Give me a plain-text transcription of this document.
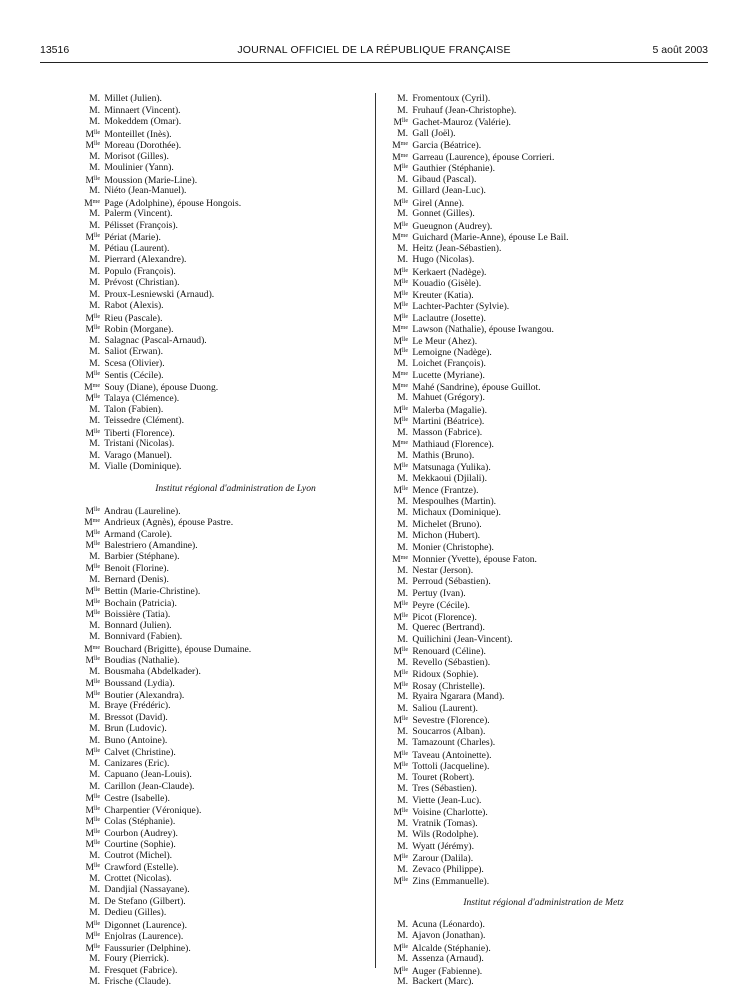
13516	JOURNAL OFFICIEL DE LA RÉPUBLIQUE FRANÇAISE	5 août 2003
M. Millet (Julien).
M. Minnaert (Vincent).
M. Mokeddem (Omar).
$M^{lle}$ Monteillet (Inès).
$M^{lle}$ Moreau (Dorothée).
M. Morisot (Gilles).
M. Moulinier (Yann).
$M^{lle}$ Moussion (Marie-Line).
M. Niéto (Jean-Manuel).
$M^{me}$ Page (Adolphine), épouse Hongois.
M. Palerm (Vincent).
M. Pélisset (François).
$M^{lle}$ Périat (Marie).
M. Pétiau (Laurent).
M. Pierrard (Alexandre).
M. Populo (François).
M. Prévost (Christian).
M. Proux-Lesniewski (Arnaud).
M. Rabot (Alexis).
$M^{lle}$ Rieu (Pascale).
$M^{lle}$ Robin (Morgane).
M. Salagnac (Pascal-Arnaud).
M. Saliot (Erwan).
M. Scesa (Olivier).
$M^{lle}$ Sentis (Cécile).
$M^{me}$ Souy (Diane), épouse Duong.
$M^{lle}$ Talaya (Clémence).
M. Talon (Fabien).
M. Teissedre (Clément).
$M^{lle}$ Tiberti (Florence).
M. Tristani (Nicolas).
M. Varago (Manuel).
M. Vialle (Dominique).
Institut régional d'administration de Lyon
$M^{lle}$ Andrau (Laureline).
$M^{me}$ Andrieux (Agnès), épouse Pastre.
$M^{lle}$ Armand (Carole).
$M^{lle}$ Balestriero (Amandine).
M. Barbier (Stéphane).
$M^{lle}$ Benoit (Florine).
M. Bernard (Denis).
$M^{lle}$ Bettin (Marie-Christine).
$M^{lle}$ Bochain (Patricia).
$M^{lle}$ Boissière (Tatia).
M. Bonnard (Julien).
M. Bonnivard (Fabien).
$M^{me}$ Bouchard (Brigitte), épouse Dumaine.
$M^{lle}$ Boudias (Nathalie).
M. Bousmaha (Abdelkader).
$M^{lle}$ Boussand (Lydia).
$M^{lle}$ Boutier (Alexandra).
M. Braye (Frédéric).
M. Bressot (David).
M. Brun (Ludovic).
M. Buno (Antoine).
$M^{lle}$ Calvet (Christine).
M. Canizares (Eric).
M. Capuano (Jean-Louis).
M. Carillon (Jean-Claude).
$M^{lle}$ Cestre (Isabelle).
$M^{lle}$ Charpentier (Véronique).
$M^{lle}$ Colas (Stéphanie).
$M^{lle}$ Courbon (Audrey).
$M^{lle}$ Courtine (Sophie).
M. Coutrot (Michel).
$M^{lle}$ Crawford (Estelle).
M. Crottet (Nicolas).
M. Dandjial (Nassayane).
M. De Stefano (Gilbert).
M. Dedieu (Gilles).
$M^{lle}$ Digonnet (Laurence).
$M^{lle}$ Enjolras (Laurence).
$M^{lle}$ Faussurier (Delphine).
M. Foury (Pierrick).
M. Fresquet (Fabrice).
M. Frische (Claude).
M. Fromentoux (Cyril).
M. Fruhauf (Jean-Christophe).
$M^{lle}$ Gachet-Mauroz (Valérie).
M. Gall (Joël).
$M^{me}$ Garcia (Béatrice).
$M^{me}$ Garreau (Laurence), épouse Corrieri.
$M^{lle}$ Gauthier (Stéphanie).
M. Gibaud (Pascal).
M. Gillard (Jean-Luc).
$M^{lle}$ Girel (Anne).
M. Gonnet (Gilles).
$M^{lle}$ Gueugnon (Audrey).
$M^{me}$ Guichard (Marie-Anne), épouse Le Bail.
M. Heitz (Jean-Sébastien).
M. Hugo (Nicolas).
$M^{lle}$ Kerkaert (Nadège).
$M^{lle}$ Kouadio (Gisèle).
$M^{lle}$ Kreuter (Katia).
$M^{lle}$ Lachter-Pachter (Sylvie).
$M^{lle}$ Laclautre (Josette).
$M^{me}$ Lawson (Nathalie), épouse Iwangou.
$M^{lle}$ Le Meur (Ahez).
$M^{lle}$ Lemoigne (Nadège).
M. Loichet (François).
$M^{me}$ Lucette (Myriane).
$M^{me}$ Mahé (Sandrine), épouse Guillot.
M. Mahuet (Grégory).
$M^{lle}$ Malerba (Magalie).
$M^{lle}$ Martini (Béatrice).
M. Masson (Fabrice).
$M^{me}$ Mathiaud (Florence).
M. Mathis (Bruno).
$M^{lle}$ Matsunaga (Yulika).
M. Mekkaoui (Djilali).
$M^{lle}$ Mence (Frantze).
M. Mespoulhes (Martin).
M. Michaux (Dominique).
M. Michelet (Bruno).
M. Michon (Hubert).
M. Monier (Christophe).
$M^{me}$ Monnier (Yvette), épouse Faton.
M. Nestar (Jerson).
M. Perroud (Sébastien).
M. Pertuy (Ivan).
$M^{lle}$ Peyre (Cécile).
$M^{lle}$ Picot (Florence).
M. Querec (Bertrand).
M. Quilichini (Jean-Vincent).
$M^{lle}$ Renouard (Céline).
M. Revello (Sébastien).
$M^{lle}$ Ridoux (Sophie).
$M^{lle}$ Rosay (Christelle).
M. Ryaira Ngarara (Mand).
M. Saliou (Laurent).
$M^{lle}$ Sevestre (Florence).
M. Soucarros (Alban).
M. Tamazount (Charles).
$M^{lle}$ Taveau (Antoinette).
$M^{lle}$ Tottoli (Jacqueline).
M. Touret (Robert).
M. Tres (Sébastien).
M. Viette (Jean-Luc).
$M^{lle}$ Voisine (Charlotte).
M. Vratnik (Tomas).
M. Wils (Rodolphe).
M. Wyatt (Jérémy).
$M^{lle}$ Zarour (Dalila).
M. Zevaco (Philippe).
$M^{lle}$ Zins (Emmanuelle).
Institut régional d'administration de Metz
M. Acuna (Léonardo).
M. Ajavon (Jonathan).
$M^{lle}$ Alcalde (Stéphanie).
M. Assenza (Arnaud).
$M^{lle}$ Auger (Fabienne).
M. Backert (Marc).
